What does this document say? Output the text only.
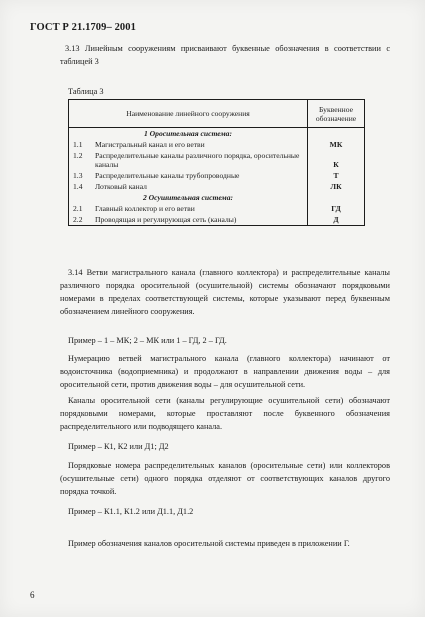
ГОСТ Р 21.1709– 2001
3.13 Линейным сооружениям присваивают буквенные обозначения в соответствии с таблицей 3
Таблица 3
Наименование линейного сооружения		Буквенное обозначение
1 Оросительная система:		
1.1	Магистральный канал и его ветви	МК
1.2	Распределительные каналы различного порядка, оросительные каналы	К
1.3	Распределительные каналы трубопроводные	Т
1.4	Лотковый канал	ЛК
2 Осушительная система:		
2.1	Главный коллектор и его ветви	ГД
2.2	Проводящая и регулирующая сеть (каналы)	Д
3.14 Ветви магистрального канала (главного коллектора) и распределительные каналы различного порядка оросительной (осушительной) системы обозначают порядковыми номерами в пределах соответствующей системы, которые указывают перед буквенным обозначением линейного сооружения.
Пример – 1 – МК; 2 – МК или 1 – ГД, 2 – ГД.
Нумерацию ветвей магистрального канала (главного коллектора) начинают от водоисточника (водоприемника) и продолжают в направлении движения воды – для оросительной сети, против движения воды – для осушительной сети.
Каналы оросительной сети (каналы регулирующие осушительной сети) обозначают порядковыми номерами, которые проставляют после буквенного обозначения распределительного или подводящего канала.
Пример – К1, К2 или Д1; Д2
Порядковые номера распределительных каналов (оросительные сети) или коллекторов (осушительные сети) одного порядка отделяют от соответствующих каналов другого порядка точкой.
Пример – К1.1, К1.2 или Д1.1, Д1.2
Пример обозначения каналов оросительной системы приведен в приложении Г.
6
